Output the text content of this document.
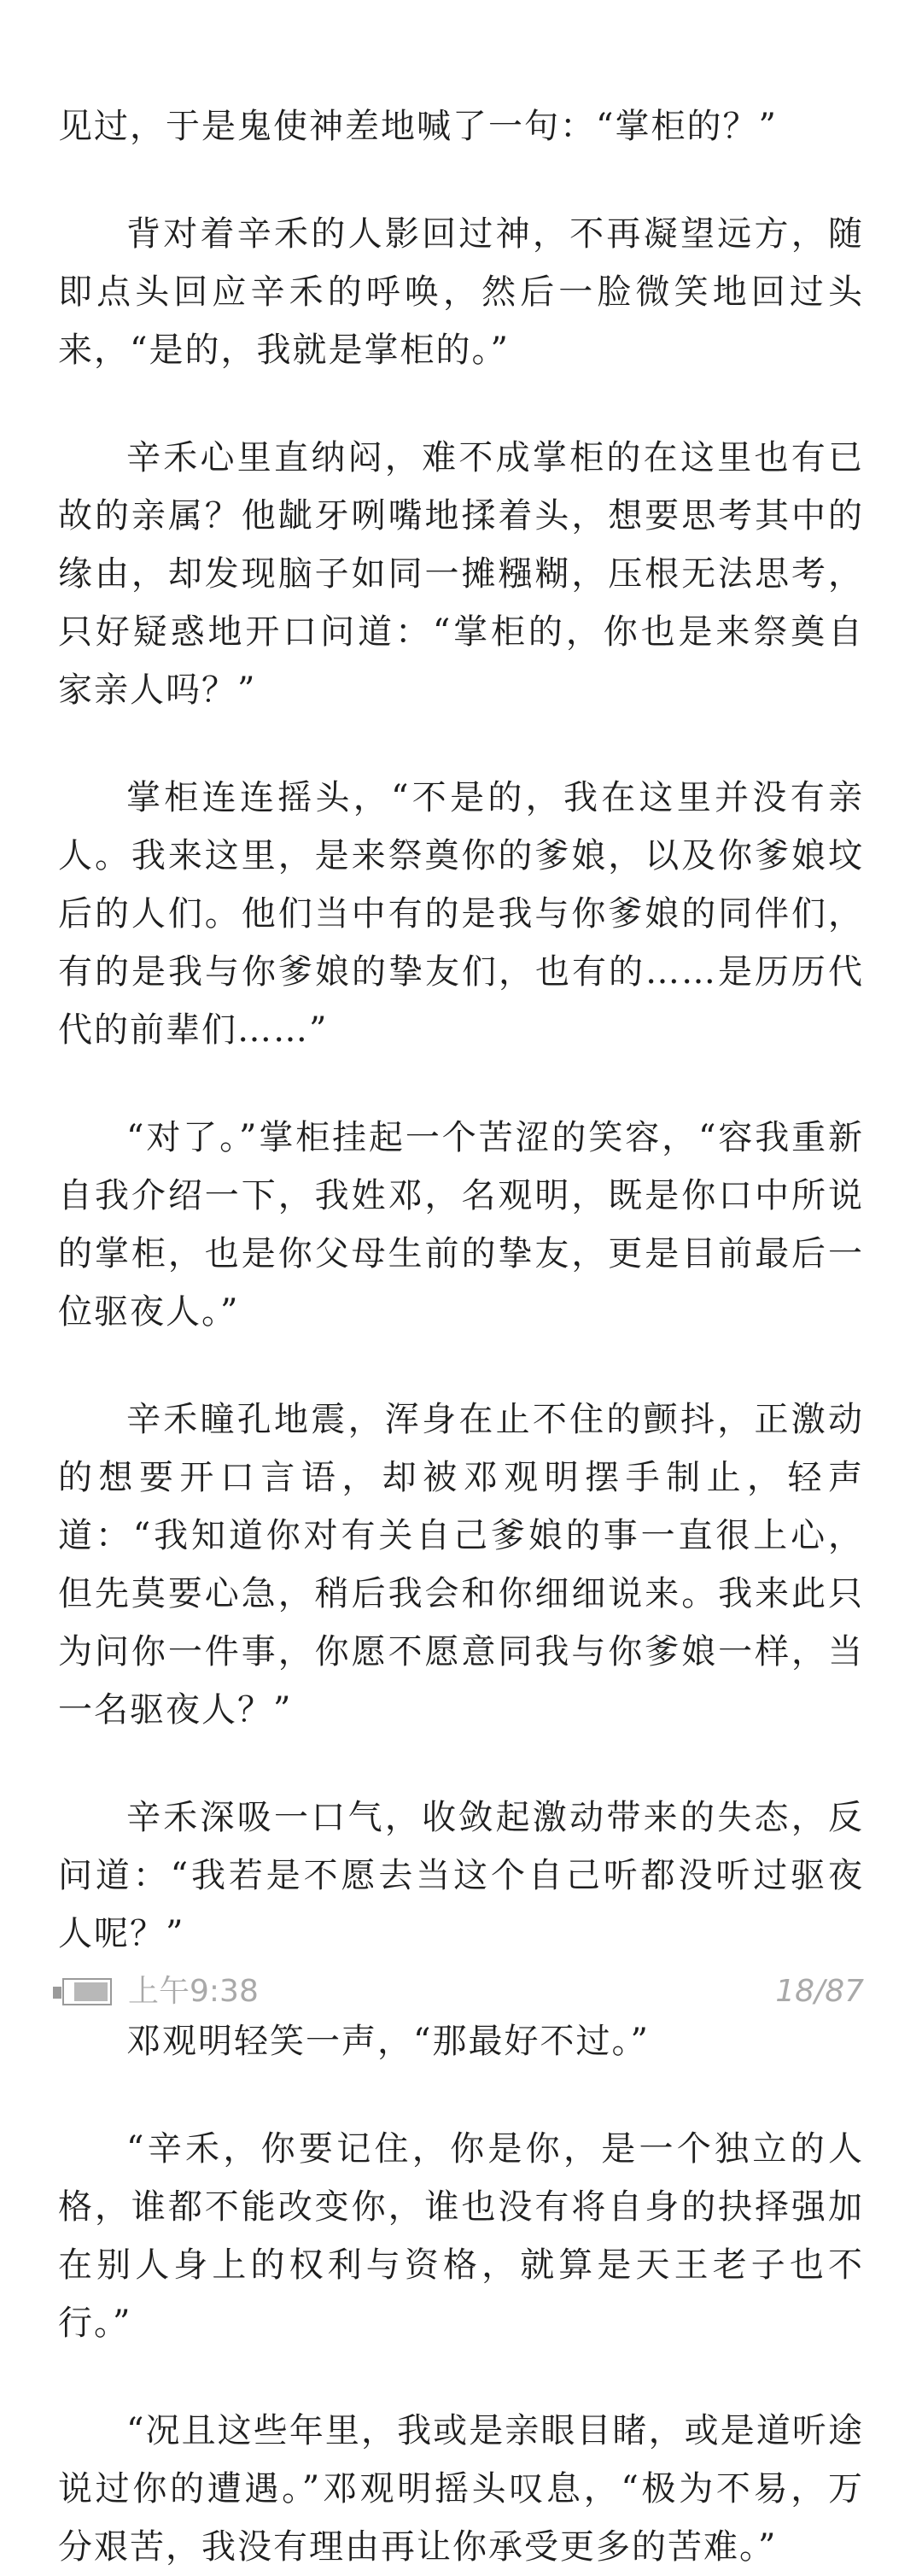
见过，于是鬼使神差地喊了一句：“掌柜的？”

背对着辛禾的人影回过神，不再凝望远方，随即点头回应辛禾的呼唤，然后一脸微笑地回过头来，“是的，我就是掌柜的。”

辛禾心里直纳闷，难不成掌柜的在这里也有已故的亲属？他龇牙咧嘴地揉着头，想要思考其中的缘由，却发现脑子如同一摊糨糊，压根无法思考，只好疑惑地开口问道：“掌柜的，你也是来祭奠自家亲人吗？”

掌柜连连摇头，“不是的，我在这里并没有亲人。我来这里，是来祭奠你的爹娘，以及你爹娘坟后的人们。他们当中有的是我与你爹娘的同伴们，有的是我与你爹娘的挚友们，也有的……是历历代代的前辈们……”

“对了。”掌柜挂起一个苦涩的笑容，“容我重新自我介绍一下，我姓邓，名观明，既是你口中所说的掌柜，也是你父母生前的挚友，更是目前最后一位驱夜人。”

辛禾瞳孔地震，浑身在止不住的颤抖，正激动的想要开口言语，却被邓观明摆手制止，轻声道：“我知道你对有关自己爹娘的事一直很上心，但先莫要心急，稍后我会和你细细说来。我来此只为问你一件事，你愿不愿意同我与你爹娘一样，当一名驱夜人？”

辛禾深吸一口气，收敛起激动带来的失态，反问道：“我若是不愿去当这个自己听都没听过驱夜人呢？”

邓观明轻笑一声，“那最好不过。”

“辛禾，你要记住，你是你，是一个独立的人格，谁都不能改变你，谁也没有将自身的抉择强加在别人身上的权利与资格，就算是天王老子也不行。”

“况且这些年里，我或是亲眼目睹，或是道听途说过你的遭遇。”邓观明摇头叹息，“极为不易，万分艰苦，我没有理由再让你承受更多的苦难。”

上午9:38	18/87
